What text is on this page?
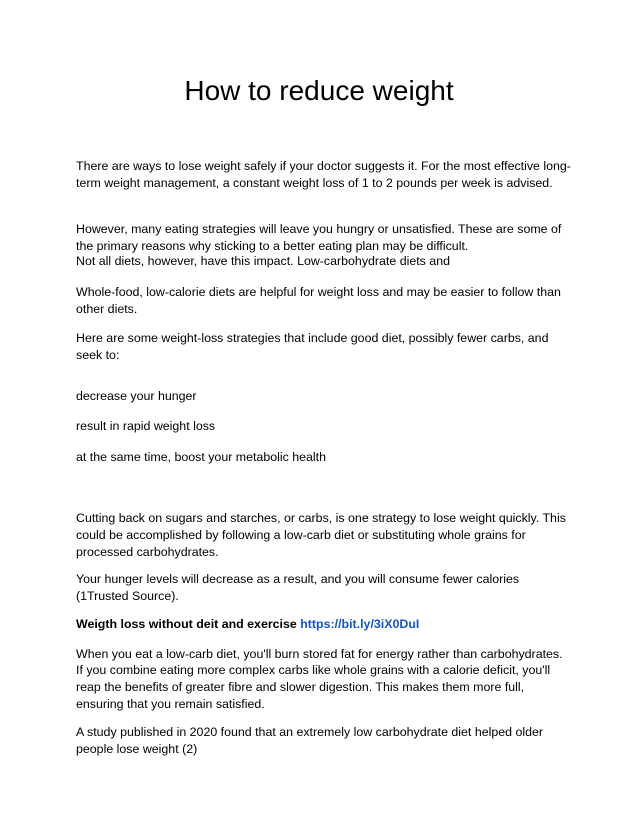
How to reduce weight

There are ways to lose weight safely if your doctor suggests it. For the most effective long-term weight management, a constant weight loss of 1 to 2 pounds per week is advised.

However, many eating strategies will leave you hungry or unsatisfied. These are some of the primary reasons why sticking to a better eating plan may be difficult.

Not all diets, however, have this impact. Low-carbohydrate diets and

Whole-food, low-calorie diets are helpful for weight loss and may be easier to follow than other diets.

Here are some weight-loss strategies that include good diet, possibly fewer carbs, and seek to:

decrease your hunger

result in rapid weight loss

at the same time, boost your metabolic health

Cutting back on sugars and starches, or carbs, is one strategy to lose weight quickly. This could be accomplished by following a low-carb diet or substituting whole grains for processed carbohydrates.

Your hunger levels will decrease as a result, and you will consume fewer calories (1Trusted Source).

Weigth loss without deit and exercise https://bit.ly/3iX0DuI

When you eat a low-carb diet, you'll burn stored fat for energy rather than carbohydrates.

If you combine eating more complex carbs like whole grains with a calorie deficit, you'll reap the benefits of greater fibre and slower digestion. This makes them more full, ensuring that you remain satisfied.

A study published in 2020 found that an extremely low carbohydrate diet helped older people lose weight (2)
